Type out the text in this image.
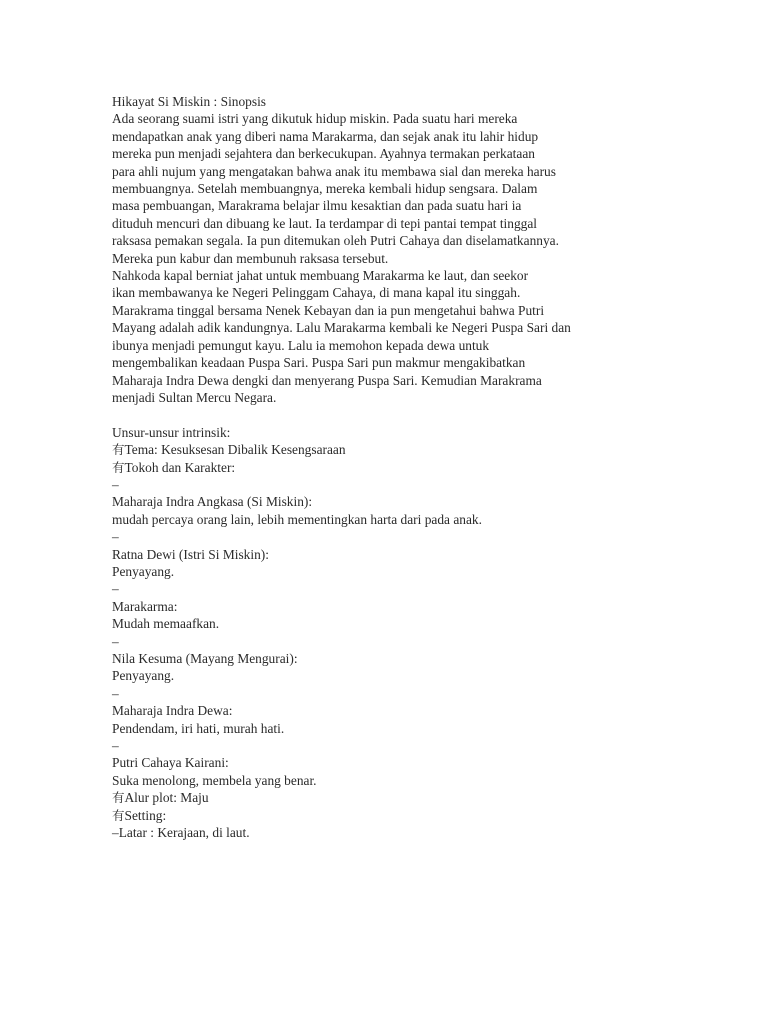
Hikayat Si Miskin : Sinopsis
Ada seorang suami istri yang dikutuk hidup miskin. Pada suatu hari mereka
mendapatkan anak yang diberi nama Marakarma, dan sejak anak itu lahir hidup
mereka pun menjadi sejahtera dan berkecukupan. Ayahnya termakan perkataan
para ahli nujum yang mengatakan bahwa anak itu membawa sial dan mereka harus
membuangnya. Setelah membuangnya, mereka kembali hidup sengsara. Dalam
masa pembuangan, Marakrama belajar ilmu kesaktian dan pada suatu hari ia
dituduh mencuri dan dibuang ke laut. Ia terdampar di tepi pantai tempat tinggal
raksasa pemakan segala. Ia pun ditemukan oleh Putri Cahaya dan diselamatkannya.
Mereka pun kabur dan membunuh raksasa tersebut.
Nahkoda kapal berniat jahat untuk membuang Marakarma ke laut, dan seekor
ikan membawanya ke Negeri Pelinggam Cahaya, di mana kapal itu singgah.
Marakrama tinggal bersama Nenek Kebayan dan ia pun mengetahui bahwa Putri
Mayang adalah adik kandungnya. Lalu Marakarma kembali ke Negeri Puspa Sari dan
ibunya menjadi pemungut kayu. Lalu ia memohon kepada dewa untuk
mengembalikan keadaan Puspa Sari. Puspa Sari pun makmur mengakibatkan
Maharaja Indra Dewa dengki dan menyerang Puspa Sari. Kemudian Marakrama
menjadi Sultan Mercu Negara.
Unsur-unsur intrinsik:
有Tema: Kesuksesan Dibalik Kesengsaraan
有Tokoh dan Karakter:
–
Maharaja Indra Angkasa (Si Miskin):
mudah percaya orang lain, lebih mementingkan harta dari pada anak.
–
Ratna Dewi (Istri Si Miskin):
Penyayang.
–
Marakarma:
Mudah memaafkan.
–
Nila Kesuma (Mayang Mengurai):
Penyayang.
–
Maharaja Indra Dewa:
Pendendam, iri hati, murah hati.
–
Putri Cahaya Kairani:
Suka menolong, membela yang benar.
有Alur plot: Maju
有Setting:
–Latar : Kerajaan, di laut.
